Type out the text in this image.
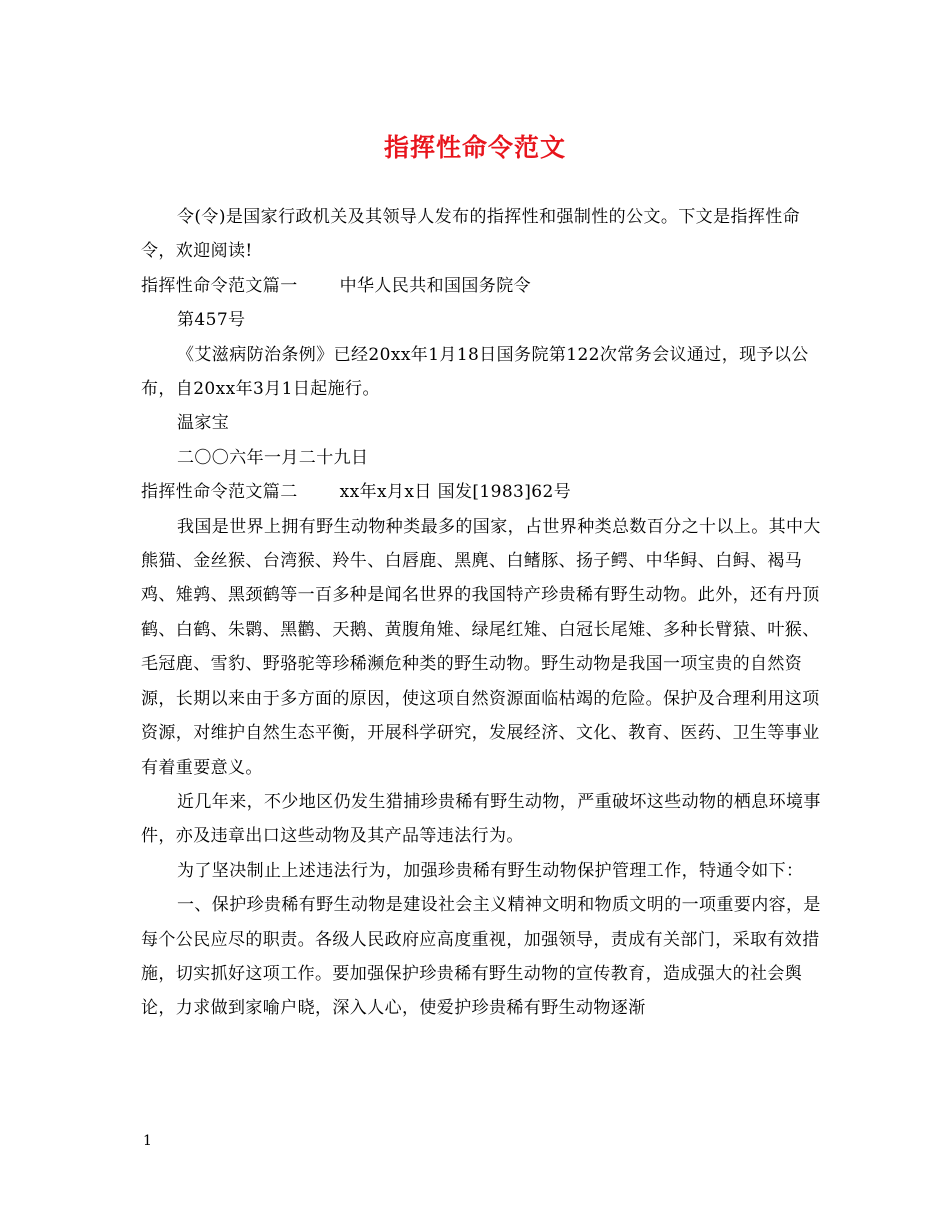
指挥性命令范文

令(令)是国家行政机关及其领导人发布的指挥性和强制性的公文。下文是指挥性命令，欢迎阅读!

指挥性命令范文篇一 中华人民共和国国务院令

第457号

《艾滋病防治条例》已经20xx年1月18日国务院第122次常务会议通过，现予以公布，自20xx年3月1日起施行。

温家宝

二〇〇六年一月二十九日

指挥性命令范文篇二 xx年x月x日 国发[1983]62号

我国是世界上拥有野生动物种类最多的国家，占世界种类总数百分之十以上。其中大熊猫、金丝猴、台湾猴、羚牛、白唇鹿、黑麂、白鳍豚、扬子鳄、中华鲟、白鲟、褐马鸡、雉鹑、黑颈鹤等一百多种是闻名世界的我国特产珍贵稀有野生动物。此外，还有丹顶鹤、白鹤、朱鹮、黑鹳、天鹅、黄腹角雉、绿尾红雉、白冠长尾雉、多种长臂猿、叶猴、毛冠鹿、雪豹、野骆驼等珍稀濒危种类的野生动物。野生动物是我国一项宝贵的自然资源，长期以来由于多方面的原因，使这项自然资源面临枯竭的危险。保护及合理利用这项资源，对维护自然生态平衡，开展科学研究，发展经济、文化、教育、医药、卫生等事业有着重要意义。

近几年来，不少地区仍发生猎捕珍贵稀有野生动物，严重破坏这些动物的栖息环境事件，亦及违章出口这些动物及其产品等违法行为。

为了坚决制止上述违法行为，加强珍贵稀有野生动物保护管理工作，特通令如下：

一、保护珍贵稀有野生动物是建设社会主义精神文明和物质文明的一项重要内容，是每个公民应尽的职责。各级人民政府应高度重视，加强领导，责成有关部门，采取有效措施，切实抓好这项工作。要加强保护珍贵稀有野生动物的宣传教育，造成强大的社会舆论，力求做到家喻户晓，深入人心，使爱护珍贵稀有野生动物逐渐

1
